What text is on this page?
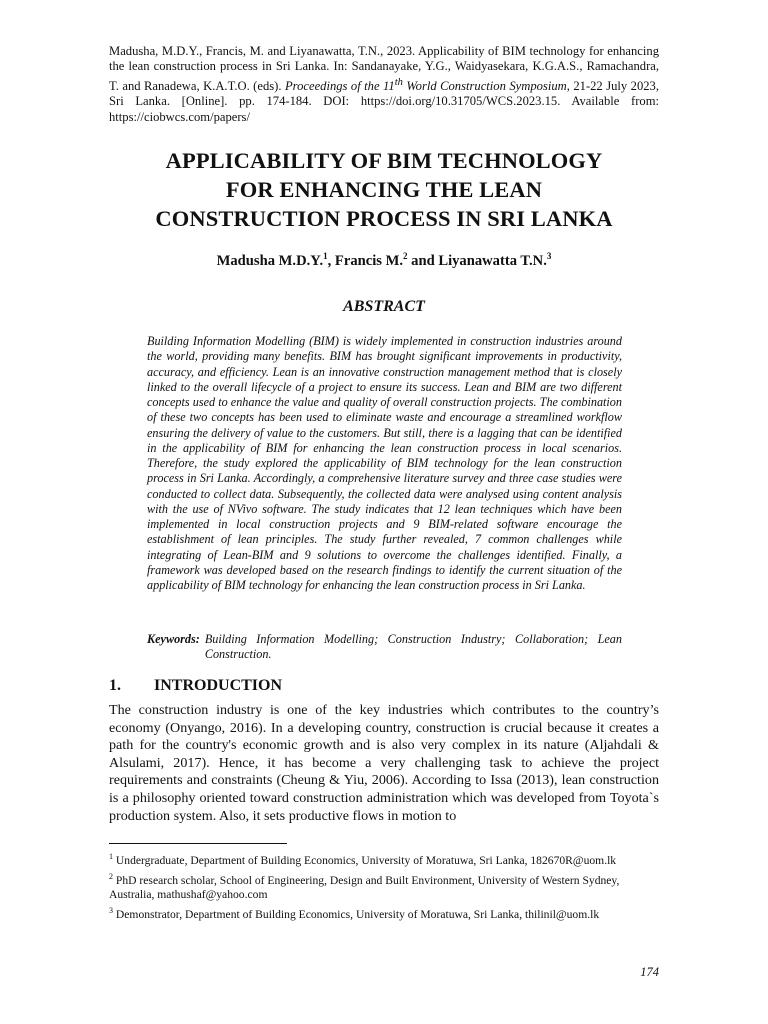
Madusha, M.D.Y., Francis, M. and Liyanawatta, T.N., 2023. Applicability of BIM technology for enhancing the lean construction process in Sri Lanka. In: Sandanayake, Y.G., Waidyasekara, K.G.A.S., Ramachandra, T. and Ranadewa, K.A.T.O. (eds). Proceedings of the 11th World Construction Symposium, 21-22 July 2023, Sri Lanka. [Online]. pp. 174-184. DOI: https://doi.org/10.31705/WCS.2023.15. Available from: https://ciobwcs.com/papers/
APPLICABILITY OF BIM TECHNOLOGY
FOR ENHANCING THE LEAN
CONSTRUCTION PROCESS IN SRI LANKA
Madusha M.D.Y.$^1$, Francis M.$^2$ and Liyanawatta T.N.$^3$
ABSTRACT
Building Information Modelling (BIM) is widely implemented in construction industries around the world, providing many benefits. BIM has brought significant improvements in productivity, accuracy, and efficiency. Lean is an innovative construction management method that is closely linked to the overall lifecycle of a project to ensure its success. Lean and BIM are two different concepts used to enhance the value and quality of overall construction projects. The combination of these two concepts has been used to eliminate waste and encourage a streamlined workflow ensuring the delivery of value to the customers. But still, there is a lagging that can be identified in the applicability of BIM for enhancing the lean construction process in local scenarios. Therefore, the study explored the applicability of BIM technology for the lean construction process in Sri Lanka. Accordingly, a comprehensive literature survey and three case studies were conducted to collect data. Subsequently, the collected data were analysed using content analysis with the use of NVivo software. The study indicates that 12 lean techniques which have been implemented in local construction projects and 9 BIM-related software encourage the establishment of lean principles. The study further revealed, 7 common challenges while integrating of Lean-BIM and 9 solutions to overcome the challenges identified. Finally, a framework was developed based on the research findings to identify the current situation of the applicability of BIM technology for enhancing the lean construction process in Sri Lanka.
Keywords: Building Information Modelling; Construction Industry; Collaboration; Lean Construction.
1. INTRODUCTION
The construction industry is one of the key industries which contributes to the country’s economy (Onyango, 2016). In a developing country, construction is crucial because it creates a path for the country's economic growth and is also very complex in its nature (Aljahdali & Alsulami, 2017). Hence, it has become a very challenging task to achieve the project requirements and constraints (Cheung & Yiu, 2006). According to Issa (2013), lean construction is a philosophy oriented toward construction administration which was developed from Toyota`s production system. Also, it sets productive flows in motion to
$^1$ Undergraduate, Department of Building Economics, University of Moratuwa, Sri Lanka, 182670R@uom.lk
$^2$ PhD research scholar, School of Engineering, Design and Built Environment, University of Western Sydney, Australia, mathushaf@yahoo.com
$^3$ Demonstrator, Department of Building Economics, University of Moratuwa, Sri Lanka, thilinil@uom.lk
174
